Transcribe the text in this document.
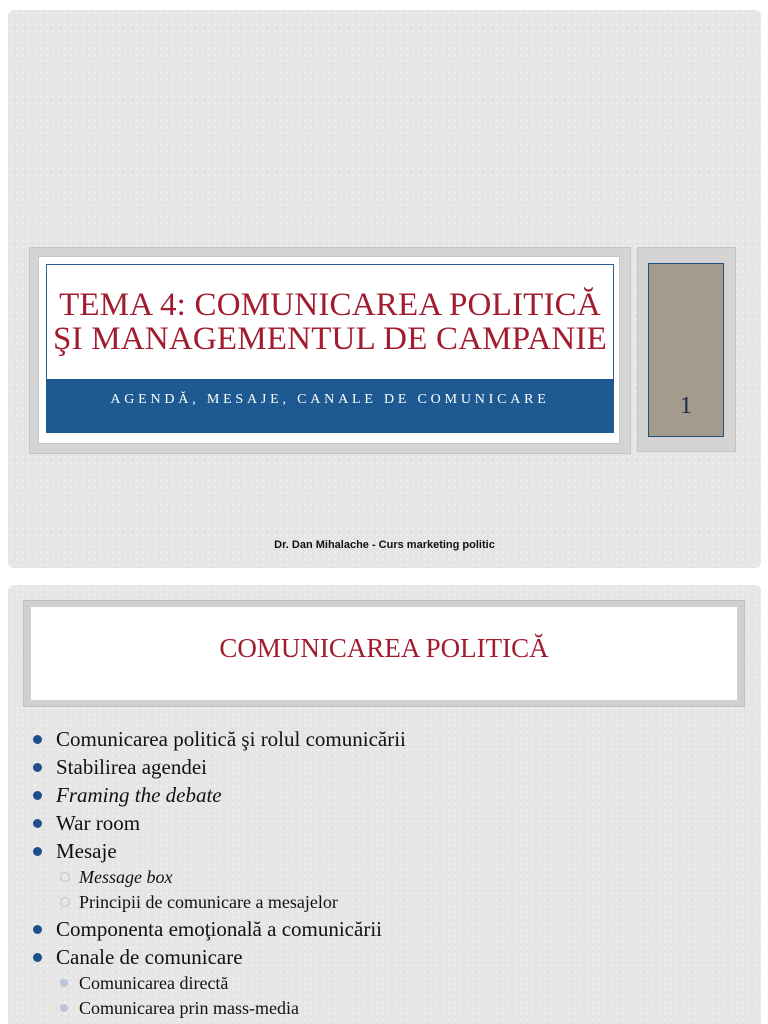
TEMA 4: COMUNICAREA POLITICĂ ŞI MANAGEMENTUL DE CAMPANIE
AGENDĂ, MESAJE, CANALE DE COMUNICARE	1
Dr. Dan Mihalache - Curs marketing politic
COMUNICAREA POLITICĂ
Comunicarea politică şi rolul comunicării
Stabilirea agendei
Framing the debate
War room
Mesaje
Message box
Principii de comunicare a mesajelor
Componenta emoţională a comunicării
Canale de comunicare
Comunicarea directă
Comunicarea prin mass-media
